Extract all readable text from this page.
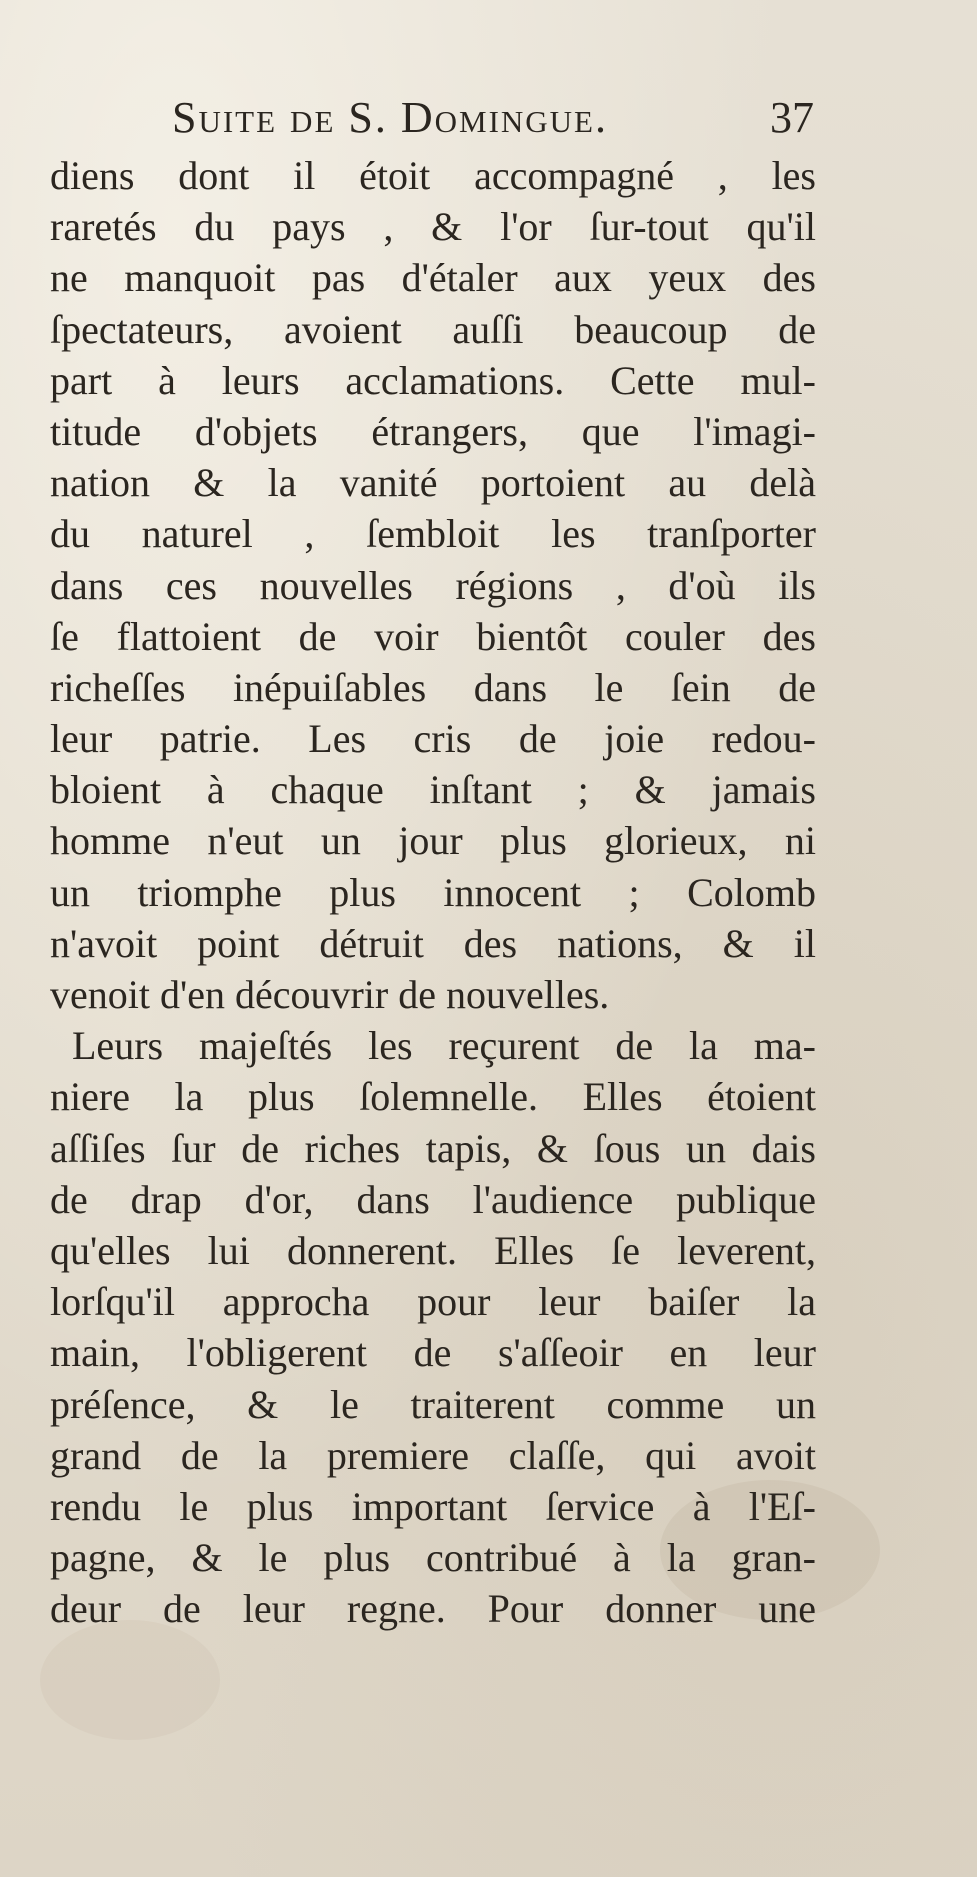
Suite de S. Domingue.	37
diens dont il étoit accompagné , les
raretés du pays , & l'or ſur-tout qu'il
ne manquoit pas d'étaler aux yeux des
ſpectateurs, avoient auſſi beaucoup de
part à leurs acclamations. Cette mul-
titude d'objets étrangers, que l'imagi-
nation & la vanité portoient au delà
du naturel , ſembloit les tranſporter
dans ces nouvelles régions , d'où ils
ſe flattoient de voir bientôt couler des
richeſſes inépuiſables dans le ſein de
leur patrie. Les cris de joie redou-
bloient à chaque inſtant ; & jamais
homme n'eut un jour plus glorieux, ni
un triomphe plus innocent ; Colomb
n'avoit point détruit des nations, & il
venoit d'en découvrir de nouvelles.
Leurs majeſtés les reçurent de la ma-
niere la plus ſolemnelle. Elles étoient
aſſiſes ſur de riches tapis, & ſous un dais
de drap d'or, dans l'audience publique
qu'elles lui donnerent. Elles ſe leverent,
lorſqu'il approcha pour leur baiſer la
main, l'obligerent de s'aſſeoir en leur
préſence, & le traiterent comme un
grand de la premiere claſſe, qui avoit
rendu le plus important ſervice à l'Eſ-
pagne, & le plus contribué à la gran-
deur de leur regne. Pour donner une
